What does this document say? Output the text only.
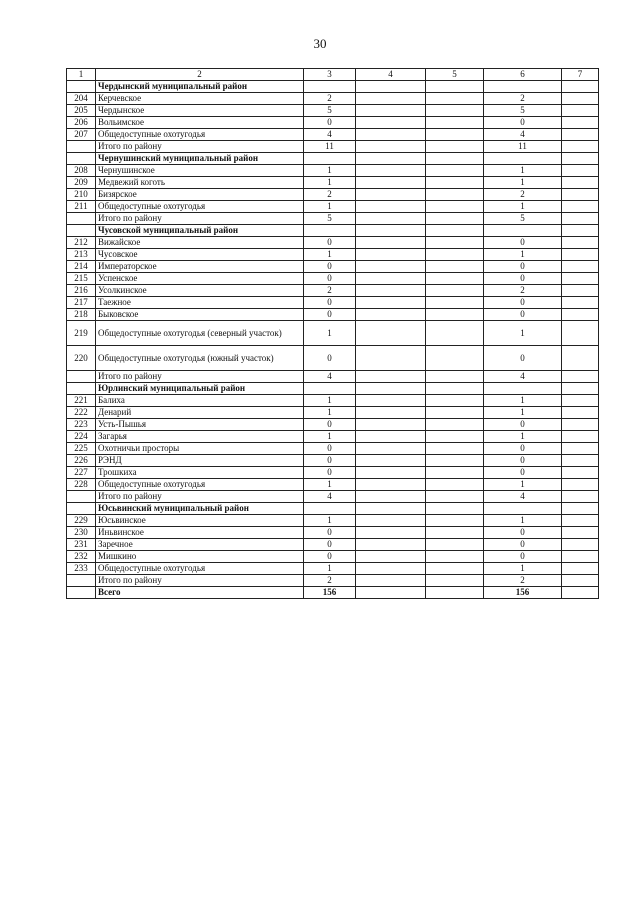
30
1	2	3	4	5	6	7
	Чердынский муниципальный район					
204	Керчевское	2			2	
205	Чердынское	5			5	
206	Вольимское	0			0	
207	Общедоступные охотугодья	4			4	
	Итого по району	11			11	
	Чернушинский муниципальный район					
208	Чернушинское	1			1	
209	Медвежий коготь	1			1	
210	Бизярское	2			2	
211	Общедоступные охотугодья	1			1	
	Итого по району	5			5	
	Чусовской муниципальный район					
212	Вижайское	0			0	
213	Чусовское	1			1	
214	Императорское	0			0	
215	Успенское	0			0	
216	Усолкинское	2			2	
217	Таежное	0			0	
218	Быковское	0			0	
219	Общедоступные охотугодья (северный участок)	1			1	
220	Общедоступные охотугодья (южный участок)	0			0	
	Итого по району	4			4	
	Юрлинский муниципальный район					
221	Балиха	1			1	
222	Денарий	1			1	
223	Усть-Пышья	0			0	
224	Загарья	1			1	
225	Охотничьи просторы	0			0	
226	РЭНД	0			0	
227	Трошкиха	0			0	
228	Общедоступные охотугодья	1			1	
	Итого по району	4			4	
	Юсьвинский муниципальный район					
229	Юсьвинское	1			1	
230	Иньвинское	0			0	
231	Заречное	0			0	
232	Мишкино	0			0	
233	Общедоступные охотугодья	1			1	
	Итого по району	2			2	
	Всего	156			156	
